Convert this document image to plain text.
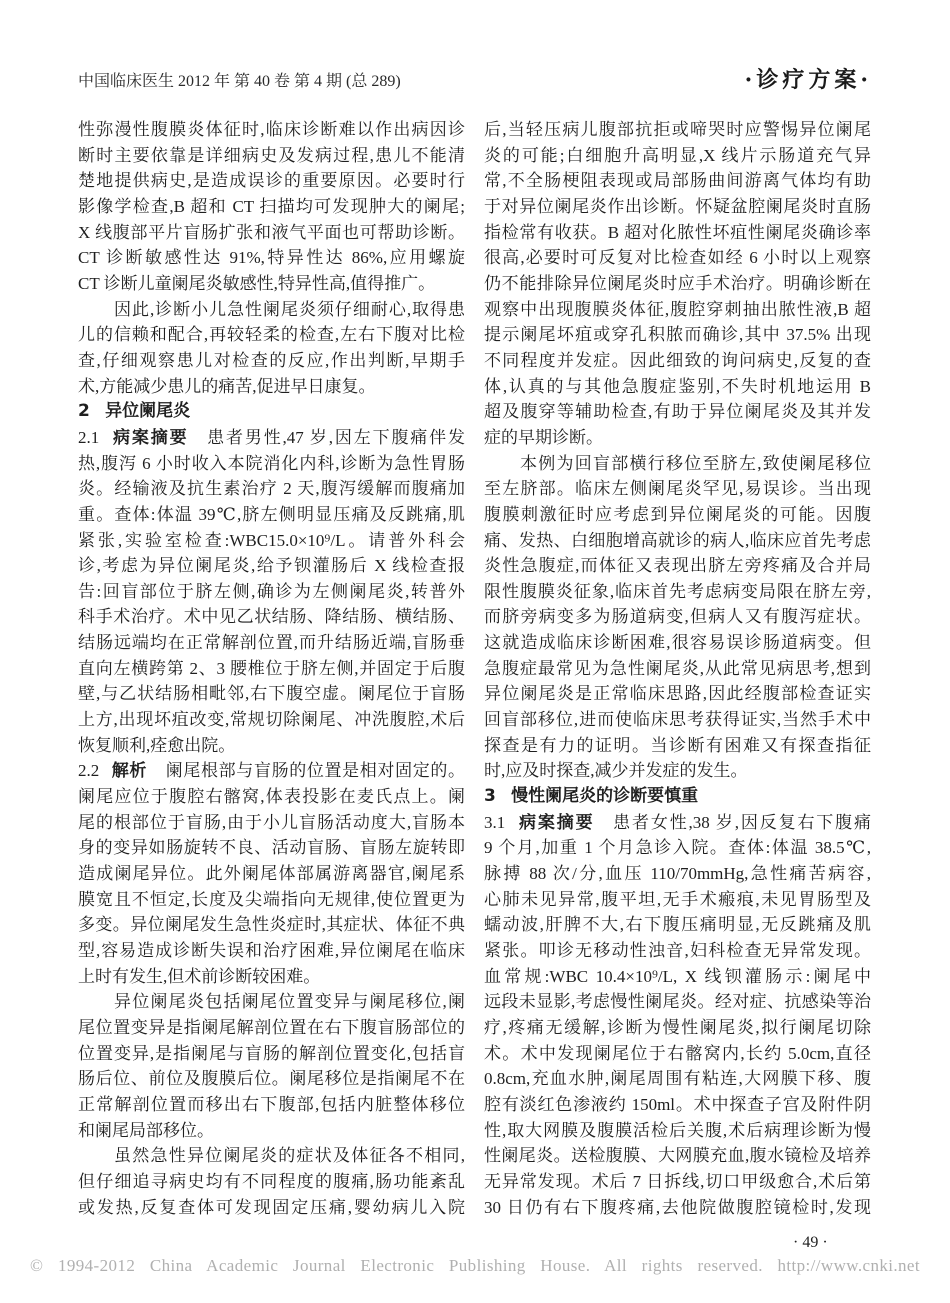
中国临床医生 2012 年 第 40 卷 第 4 期 (总 289)	·诊疗方案·
性弥漫性腹膜炎体征时,临床诊断难以作出病因诊
断时主要依靠是详细病史及发病过程,患儿不能清
楚地提供病史,是造成误诊的重要原因。必要时行
影像学检查,B 超和 CT 扫描均可发现肿大的阑尾;
X 线腹部平片盲肠扩张和液气平面也可帮助诊断。
CT 诊断敏感性达 91%,特异性达 86%,应用螺旋
CT 诊断儿童阑尾炎敏感性,特异性高,值得推广。
因此,诊断小儿急性阑尾炎须仔细耐心,取得患
儿的信赖和配合,再较轻柔的检查,左右下腹对比检
查,仔细观察患儿对检查的反应,作出判断,早期手
术,方能减少患儿的痛苦,促进早日康复。
2 异位阑尾炎
2.1 病案摘要 患者男性,47 岁,因左下腹痛伴发
热,腹泻 6 小时收入本院消化内科,诊断为急性胃肠
炎。经输液及抗生素治疗 2 天,腹泻缓解而腹痛加
重。查体:体温 39℃,脐左侧明显压痛及反跳痛,肌
紧张,实验室检查:WBC15.0×10⁹/L。请普外科会
诊,考虑为异位阑尾炎,给予钡灌肠后 X 线检查报
告:回盲部位于脐左侧,确诊为左侧阑尾炎,转普外
科手术治疗。术中见乙状结肠、降结肠、横结肠、
结肠远端均在正常解剖位置,而升结肠近端,盲肠垂
直向左横跨第 2、3 腰椎位于脐左侧,并固定于后腹
壁,与乙状结肠相毗邻,右下腹空虚。阑尾位于盲肠
上方,出现坏疽改变,常规切除阑尾、冲洗腹腔,术后
恢复顺利,痊愈出院。
2.2 解析 阑尾根部与盲肠的位置是相对固定的。
阑尾应位于腹腔右髂窝,体表投影在麦氏点上。阑
尾的根部位于盲肠,由于小儿盲肠活动度大,盲肠本
身的变异如肠旋转不良、活动盲肠、盲肠左旋转即
造成阑尾异位。此外阑尾体部属游离器官,阑尾系
膜宽且不恒定,长度及尖端指向无规律,使位置更为
多变。异位阑尾发生急性炎症时,其症状、体征不典
型,容易造成诊断失误和治疗困难,异位阑尾在临床
上时有发生,但术前诊断较困难。
异位阑尾炎包括阑尾位置变异与阑尾移位,阑
尾位置变异是指阑尾解剖位置在右下腹盲肠部位的
位置变异,是指阑尾与盲肠的解剖位置变化,包括盲
肠后位、前位及腹膜后位。阑尾移位是指阑尾不在
正常解剖位置而移出右下腹部,包括内脏整体移位
和阑尾局部移位。
虽然急性异位阑尾炎的症状及体征各不相同,
但仔细追寻病史均有不同程度的腹痛,肠功能紊乱
或发热,反复查体可发现固定压痛,婴幼病儿入院
后,当轻压病儿腹部抗拒或啼哭时应警惕异位阑尾
炎的可能;白细胞升高明显,X 线片示肠道充气异
常,不全肠梗阻表现或局部肠曲间游离气体均有助
于对异位阑尾炎作出诊断。怀疑盆腔阑尾炎时直肠
指检常有收获。B 超对化脓性坏疽性阑尾炎确诊率
很高,必要时可反复对比检查如经 6 小时以上观察
仍不能排除异位阑尾炎时应手术治疗。明确诊断在
观察中出现腹膜炎体征,腹腔穿刺抽出脓性液,B 超
提示阑尾坏疽或穿孔积脓而确诊,其中 37.5% 出现
不同程度并发症。因此细致的询问病史,反复的查
体,认真的与其他急腹症鉴别,不失时机地运用 B
超及腹穿等辅助检查,有助于异位阑尾炎及其并发
症的早期诊断。
本例为回盲部横行移位至脐左,致使阑尾移位
至左脐部。临床左侧阑尾炎罕见,易误诊。当出现
腹膜刺激征时应考虑到异位阑尾炎的可能。因腹
痛、发热、白细胞增高就诊的病人,临床应首先考虑
炎性急腹症,而体征又表现出脐左旁疼痛及合并局
限性腹膜炎征象,临床首先考虑病变局限在脐左旁,
而脐旁病变多为肠道病变,但病人又有腹泻症状。
这就造成临床诊断困难,很容易误诊肠道病变。但
急腹症最常见为急性阑尾炎,从此常见病思考,想到
异位阑尾炎是正常临床思路,因此经腹部检查证实
回盲部移位,进而使临床思考获得证实,当然手术中
探查是有力的证明。当诊断有困难又有探查指征
时,应及时探查,减少并发症的发生。
3 慢性阑尾炎的诊断要慎重
3.1 病案摘要 患者女性,38 岁,因反复右下腹痛
9 个月,加重 1 个月急诊入院。查体:体温 38.5℃,
脉搏 88 次/分,血压 110/70mmHg,急性痛苦病容,
心肺未见异常,腹平坦,无手术瘢痕,未见胃肠型及
蠕动波,肝脾不大,右下腹压痛明显,无反跳痛及肌
紧张。叩诊无移动性浊音,妇科检查无异常发现。
血常规:WBC 10.4×10⁹/L, X 线钡灌肠示:阑尾中
远段未显影,考虑慢性阑尾炎。经对症、抗感染等治
疗,疼痛无缓解,诊断为慢性阑尾炎,拟行阑尾切除
术。术中发现阑尾位于右髂窝内,长约 5.0cm,直径
0.8cm,充血水肿,阑尾周围有粘连,大网膜下移、腹
腔有淡红色渗液约 150ml。术中探查子宫及附件阴
性,取大网膜及腹膜活检后关腹,术后病理诊断为慢
性阑尾炎。送检腹膜、大网膜充血,腹水镜检及培养
无异常发现。术后 7 日拆线,切口甲级愈合,术后第
30 日仍有右下腹疼痛,去他院做腹腔镜检时,发现
· 49 ·
© 1994-2012 China Academic Journal Electronic Publishing House. All rights reserved. http://www.cnki.net
